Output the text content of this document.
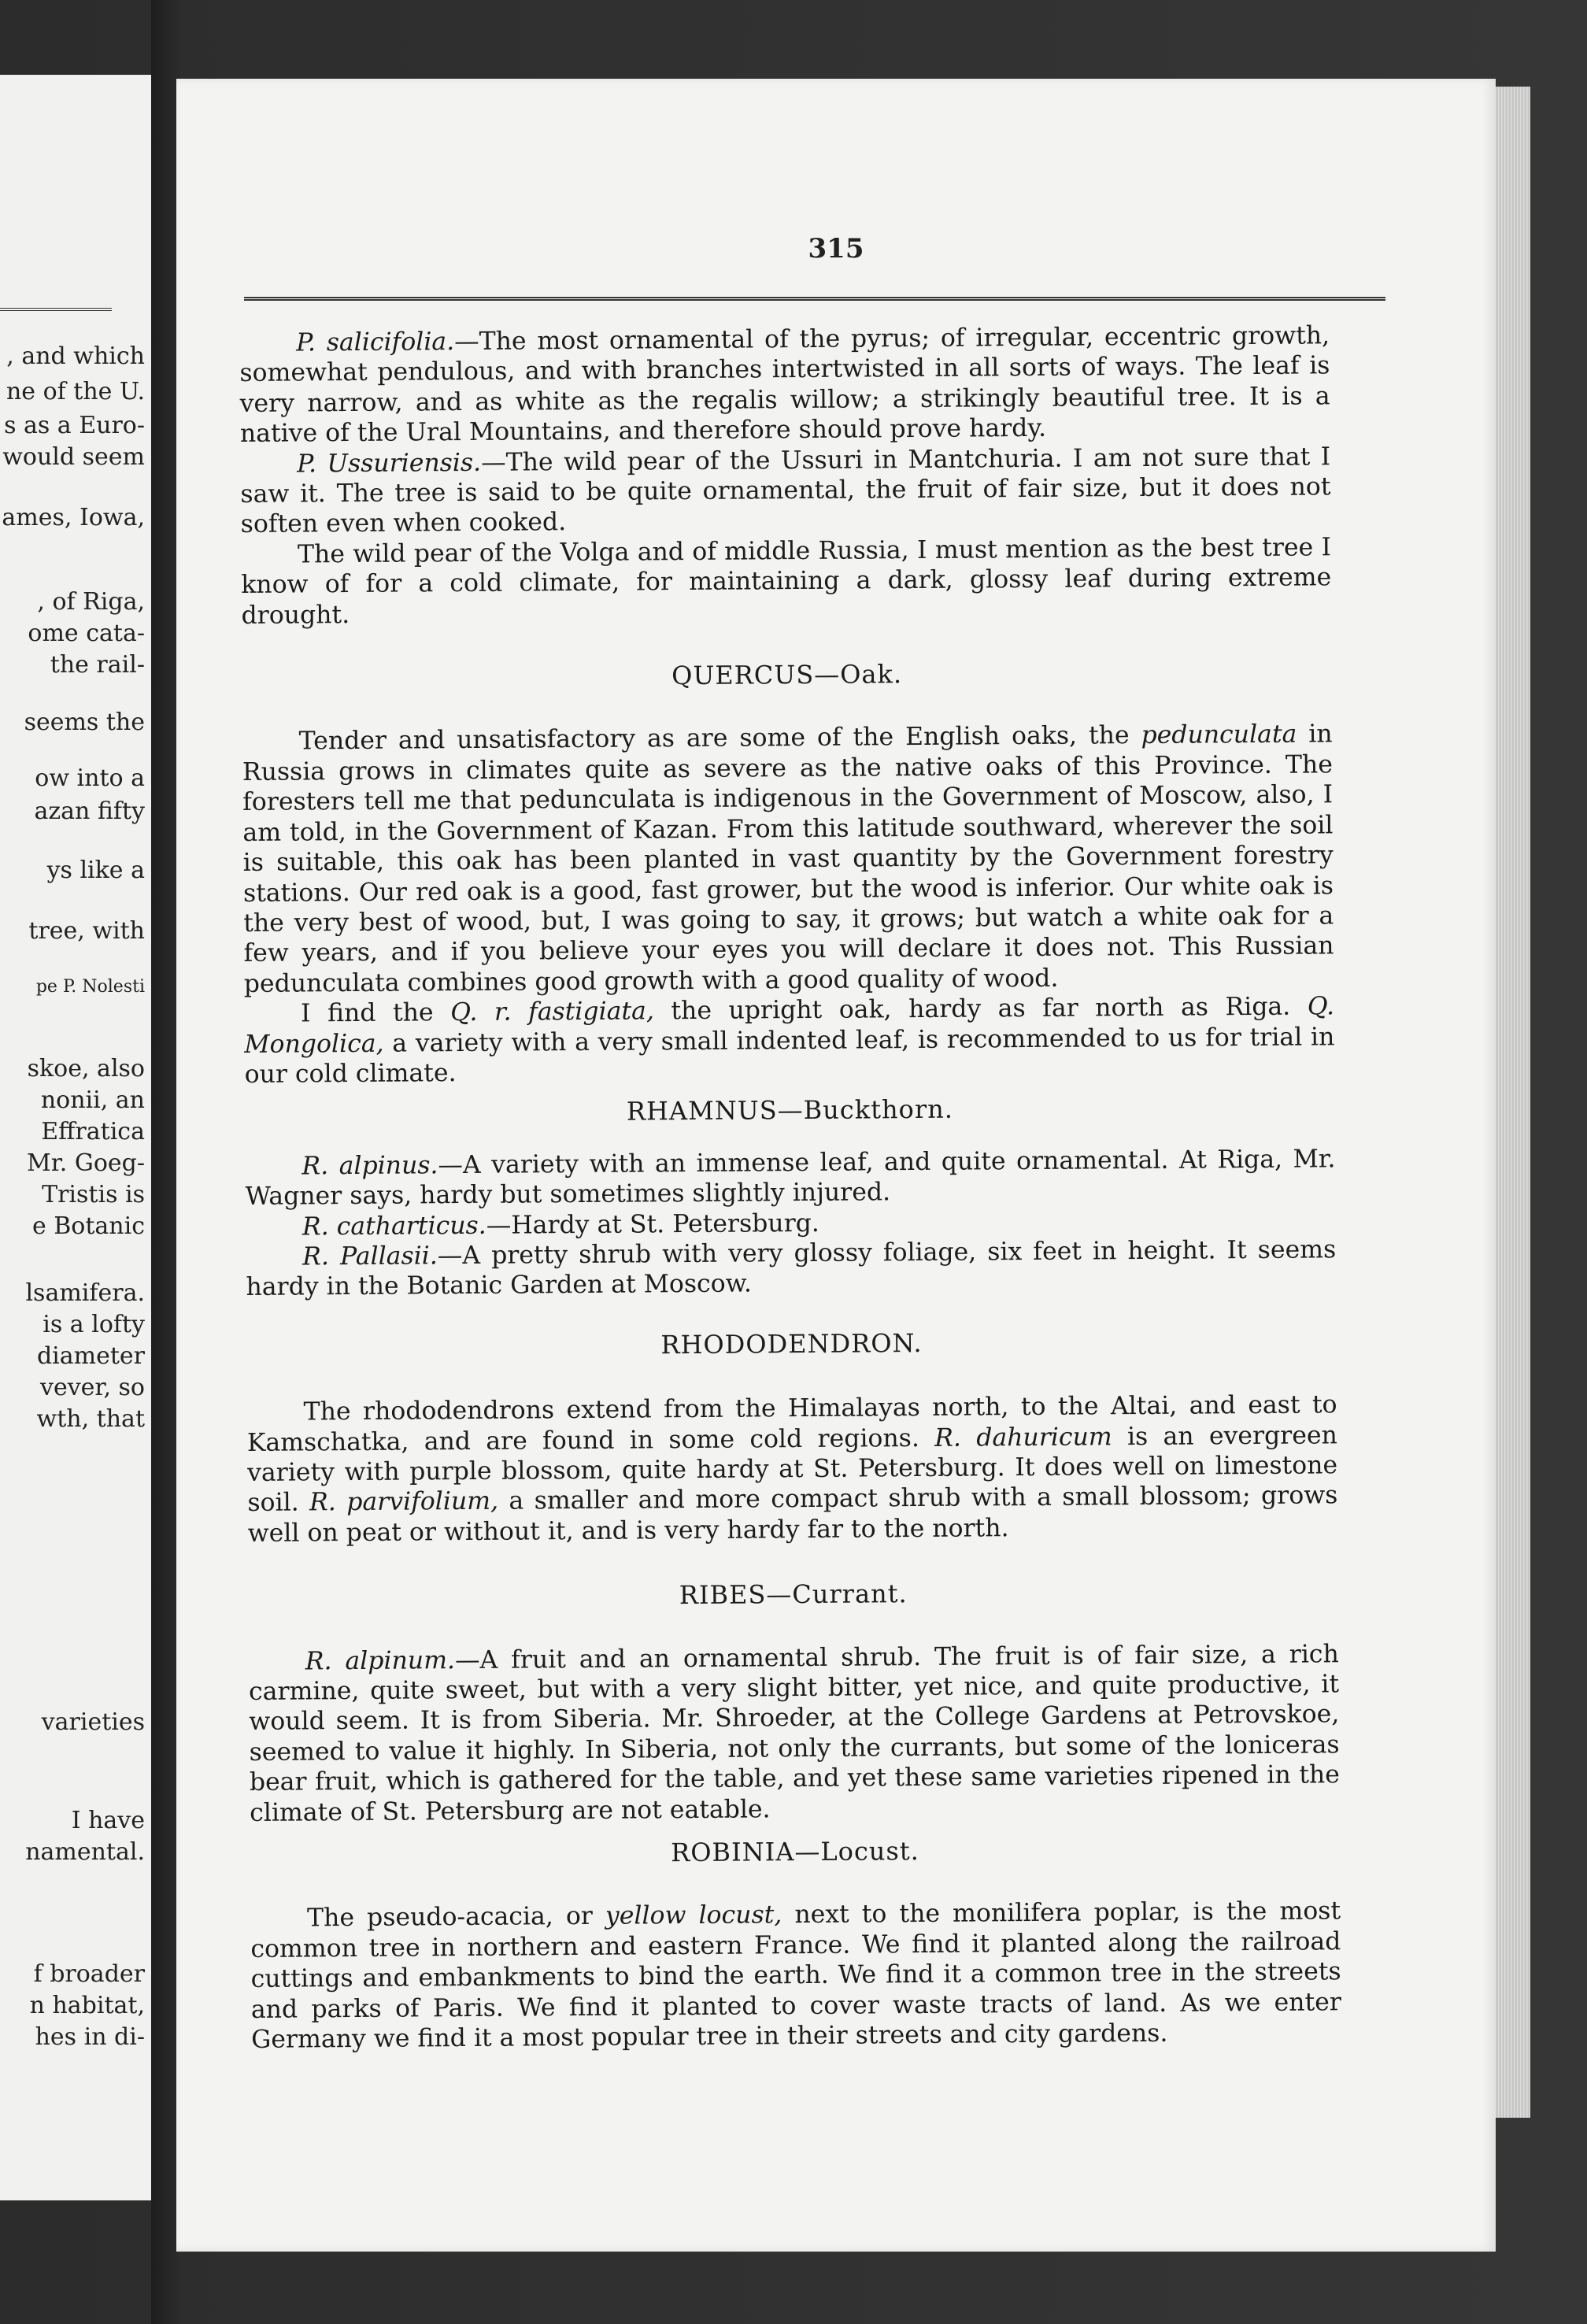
, and which
ne of the U.
s as a Euro-
would seem
ames, Iowa,
, of Riga,
ome cata-
the rail-
seems the
ow into a
azan fifty
ys like a
tree, with
pe P. Nolesti
skoe, also
nonii, an
Effratica
Mr. Goeg-
Tristis is
e Botanic
lsamifera.
is a lofty
diameter
vever, so
wth, that
varieties
I have
namental.
f broader
n habitat,
hes in di-
315

P. salicifolia.—The most ornamental of the pyrus; of irregular, eccentric growth, somewhat pendulous, and with branches intertwisted in all sorts of ways. The leaf is very narrow, and as white as the regalis willow; a strikingly beautiful tree. It is a native of the Ural Mountains, and therefore should prove hardy.

P. Ussuriensis.—The wild pear of the Ussuri in Mantchuria. I am not sure that I saw it. The tree is said to be quite ornamental, the fruit of fair size, but it does not soften even when cooked.

The wild pear of the Volga and of middle Russia, I must mention as the best tree I know of for a cold climate, for maintaining a dark, glossy leaf during extreme drought.

QUERCUS—Oak.

Tender and unsatisfactory as are some of the English oaks, the pedunculata in Russia grows in climates quite as severe as the native oaks of this Province. The foresters tell me that pedunculata is indigenous in the Government of Moscow, also, I am told, in the Government of Kazan. From this latitude southward, wherever the soil is suitable, this oak has been planted in vast quantity by the Government forestry stations. Our red oak is a good, fast grower, but the wood is inferior. Our white oak is the very best of wood, but, I was going to say, it grows; but watch a white oak for a few years, and if you believe your eyes you will declare it does not. This Russian pedunculata combines good growth with a good quality of wood.

I find the Q. r. fastigiata, the upright oak, hardy as far north as Riga. Q. Mongolica, a variety with a very small indented leaf, is recommended to us for trial in our cold climate.

RHAMNUS—Buckthorn.

R. alpinus.—A variety with an immense leaf, and quite ornamental. At Riga, Mr. Wagner says, hardy but sometimes slightly injured.

R. catharticus.—Hardy at St. Petersburg.

R. Pallasii.—A pretty shrub with very glossy foliage, six feet in height. It seems hardy in the Botanic Garden at Moscow.

RHODODENDRON.

The rhododendrons extend from the Himalayas north, to the Altai, and east to Kamschatka, and are found in some cold regions. R. dahuricum is an evergreen variety with purple blossom, quite hardy at St. Petersburg. It does well on limestone soil. R. parvifolium, a smaller and more compact shrub with a small blossom; grows well on peat or without it, and is very hardy far to the north.

RIBES—Currant.

R. alpinum.—A fruit and an ornamental shrub. The fruit is of fair size, a rich carmine, quite sweet, but with a very slight bitter, yet nice, and quite productive, it would seem. It is from Siberia. Mr. Shroeder, at the College Gardens at Petrovskoe, seemed to value it highly. In Siberia, not only the currants, but some of the loniceras bear fruit, which is gathered for the table, and yet these same varieties ripened in the climate of St. Petersburg are not eatable.

ROBINIA—Locust.

The pseudo-acacia, or yellow locust, next to the monilifera poplar, is the most common tree in northern and eastern France. We find it planted along the railroad cuttings and embankments to bind the earth. We find it a common tree in the streets and parks of Paris. We find it planted to cover waste tracts of land. As we enter Germany we find it a most popular tree in their streets and city gardens.
